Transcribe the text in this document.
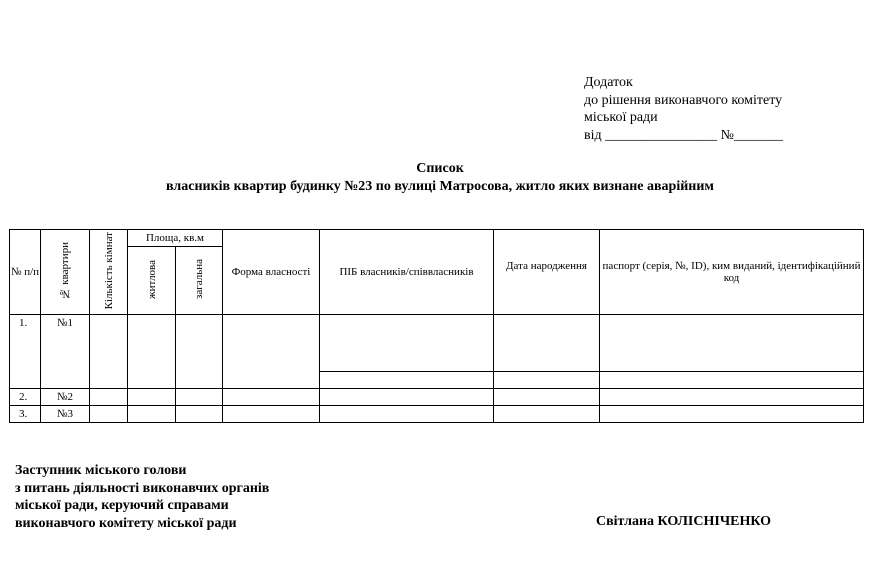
Додаток
до рішення виконавчого комітету
міської ради
від ________________ №_______
Список
власників квартир будинку №23 по вулиці Матросова, житло яких визнане аварійним
№ п/п	№ квартири	Кількість кімнат	Площа, кв.м		Форма власності	ПІБ власників/співвласників	Дата народження	паспорт (серія, №, ID), ким виданий, ідентифікаційний код
			житлова	загальна				
1.	№1							

2.	№2							
3.	№3							
Заступник міського голови
з питань діяльності виконавчих органів
міської ради, керуючий справами
виконавчого комітету міської ради	Світлана КОЛІСНІЧЕНКО
